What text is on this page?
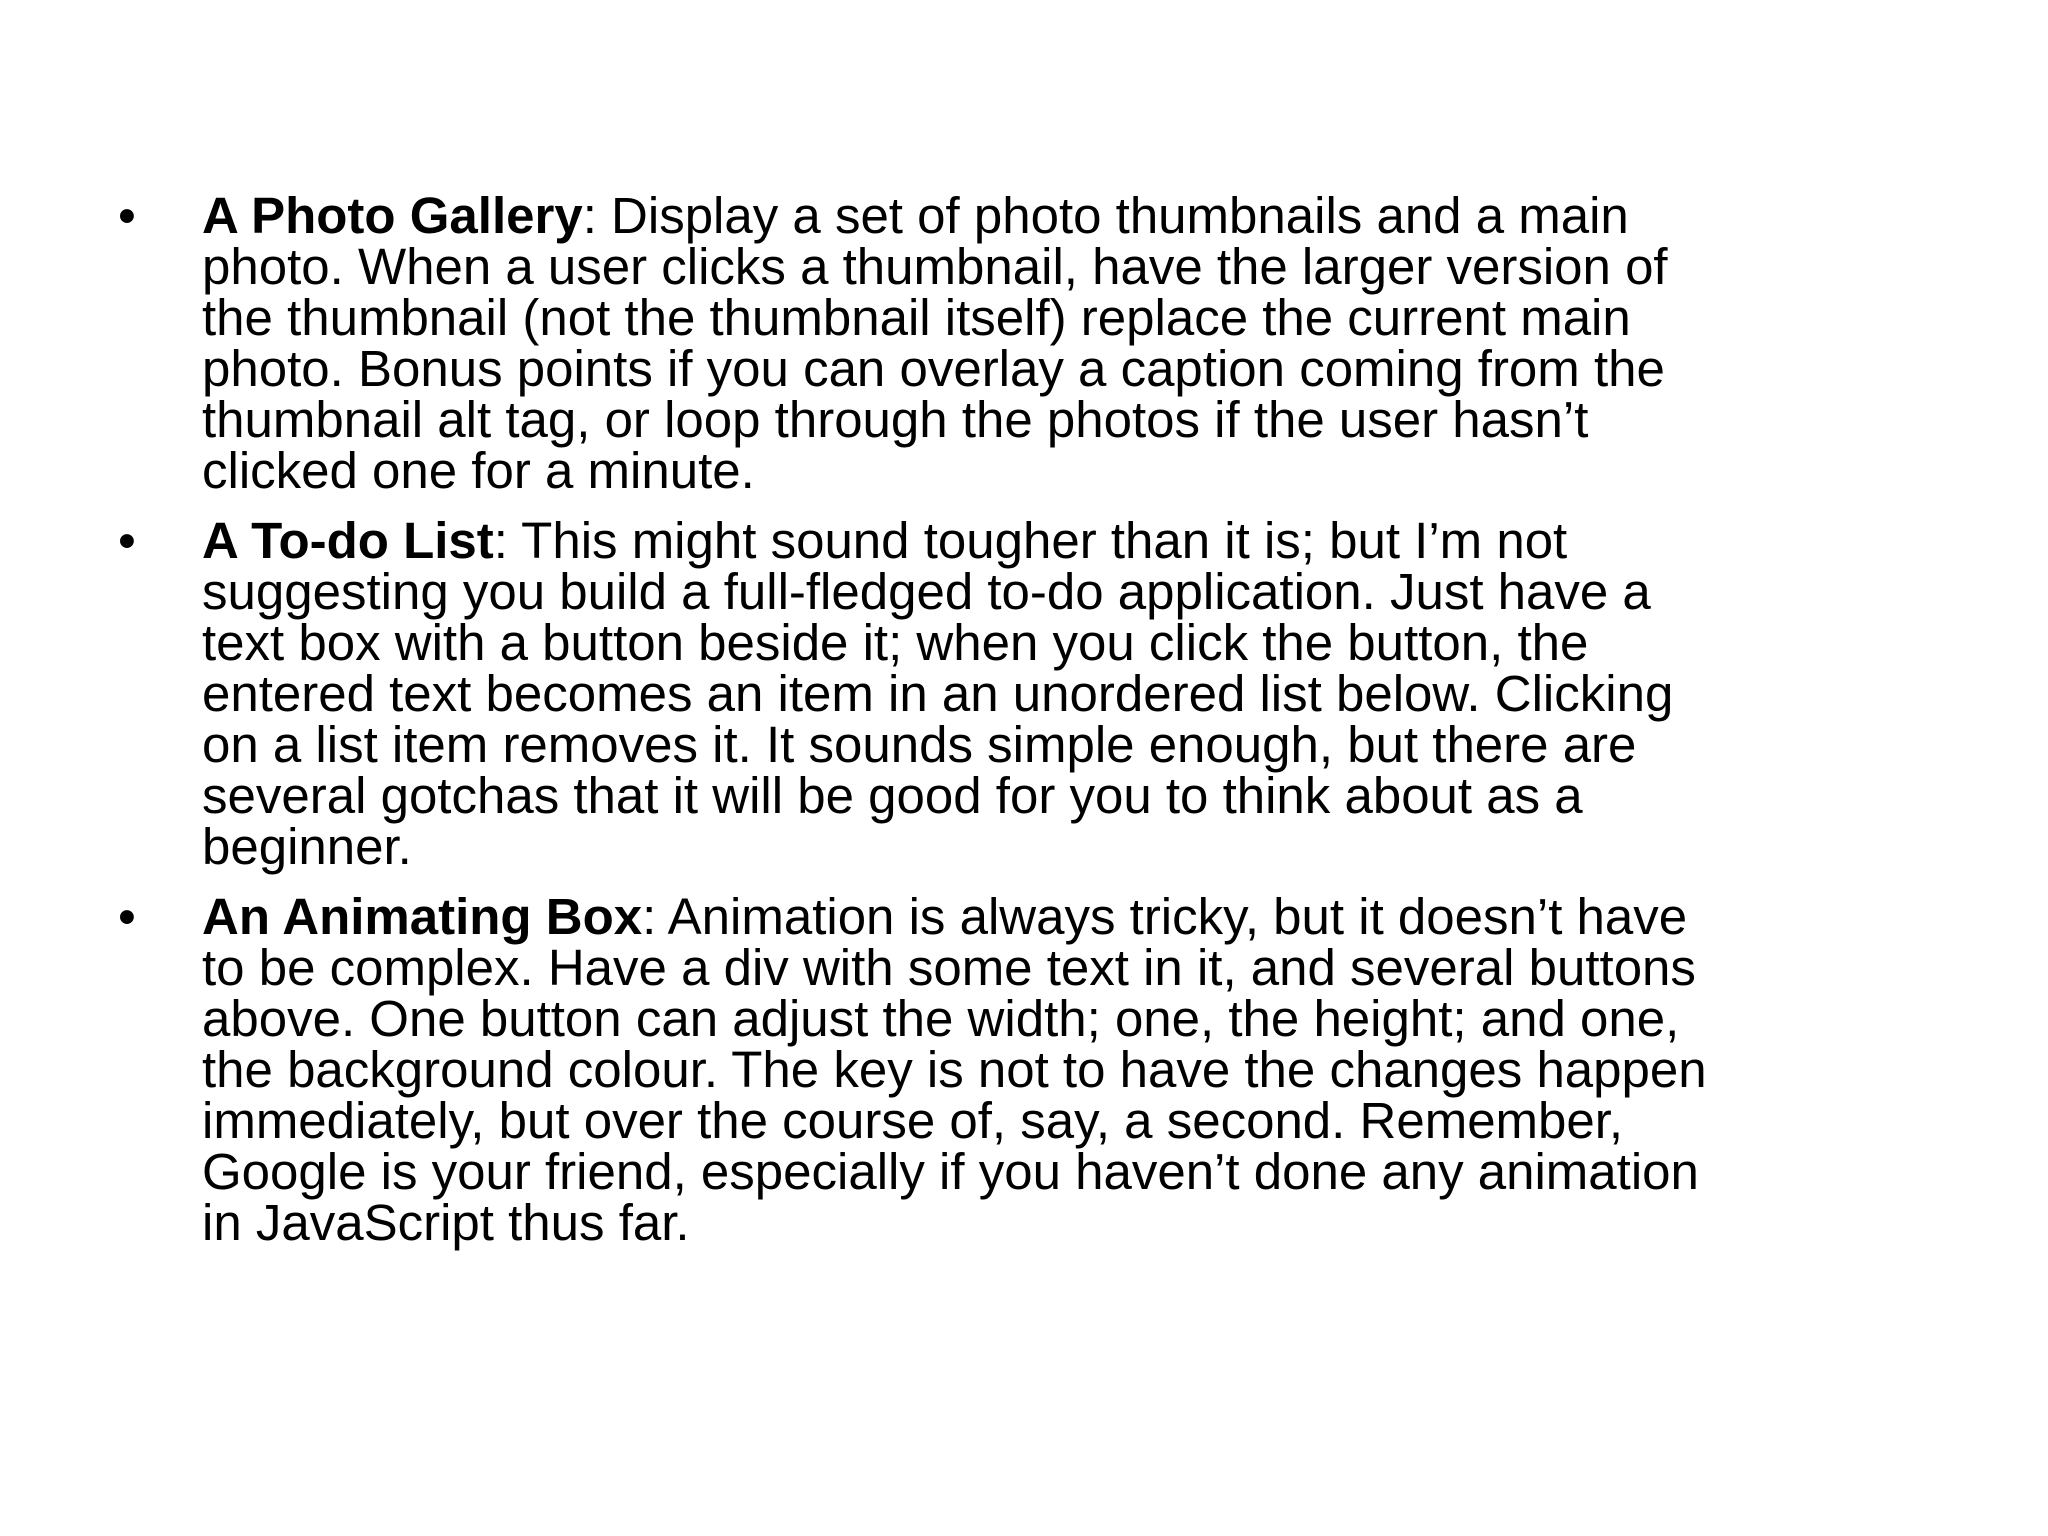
•	A Photo Gallery: Display a set of photo thumbnails and a main
photo. When a user clicks a thumbnail, have the larger version of
the thumbnail (not the thumbnail itself) replace the current main
photo. Bonus points if you can overlay a caption coming from the
thumbnail alt tag, or loop through the photos if the user hasn’t
clicked one for a minute.
•	A To-do List: This might sound tougher than it is; but I’m not
suggesting you build a full-fledged to-do application. Just have a
text box with a button beside it; when you click the button, the
entered text becomes an item in an unordered list below. Clicking
on a list item removes it. It sounds simple enough, but there are
several gotchas that it will be good for you to think about as a
beginner.
•	An Animating Box: Animation is always tricky, but it doesn’t have
to be complex. Have a div with some text in it, and several buttons
above. One button can adjust the width; one, the height; and one,
the background colour. The key is not to have the changes happen
immediately, but over the course of, say, a second. Remember,
Google is your friend, especially if you haven’t done any animation
in JavaScript thus far.
